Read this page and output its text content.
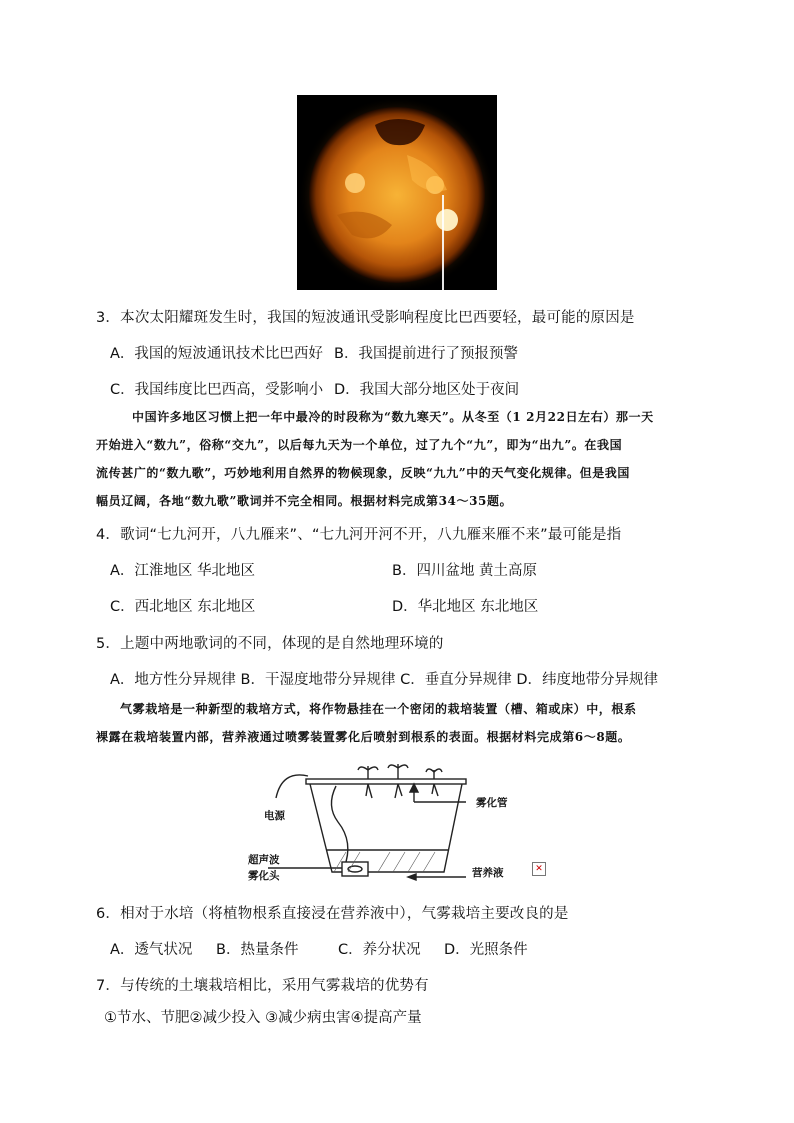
3．本次太阳耀斑发生时，我国的短波通讯受影响程度比巴西要轻，最可能的原因是
A．我国的短波通讯技术比巴西好 B．我国提前进行了预报预警
C．我国纬度比巴西高，受影响小 D．我国大部分地区处于夜间
中国许多地区习惯上把一年中最冷的时段称为“数九寒天”。从冬至（1 2月22日左右）那一天
开始进入“数九”，俗称“交九”，以后每九天为一个单位，过了九个“九”，即为“出九”。在我国
流传甚广的“数九歌”，巧妙地利用自然界的物候现象，反映“九九”中的天气变化规律。但是我国
幅员辽阔，各地“数九歌”歌词并不完全相同。根据材料完成第34～35题。
4．歌词“七九河开，八九雁来”、“七九河开河不开，八九雁来雁不来”最可能是指
A．江淮地区 华北地区	B．四川盆地 黄土高原
C．西北地区 东北地区	D．华北地区 东北地区
5．上题中两地歌词的不同，体现的是自然地理环境的
A．地方性分异规律 B．干湿度地带分异规律 C．垂直分异规律 D．纬度地带分异规律
气雾栽培是一种新型的栽培方式，将作物悬挂在一个密闭的栽培装置（槽、箱或床）中，根系
裸露在栽培装置内部，营养液通过喷雾装置雾化后喷射到根系的表面。根据材料完成第6～8题。
电源
雾化管
超声波
雾化头	营养液	✕
6．相对于水培（将植物根系直接浸在营养液中），气雾栽培主要改良的是
A．透气状况 B．热量条件	C．养分状况 D．光照条件
7．与传统的土壤栽培相比，采用气雾栽培的优势有
①节水、节肥②减少投入 ③减少病虫害④提高产量
